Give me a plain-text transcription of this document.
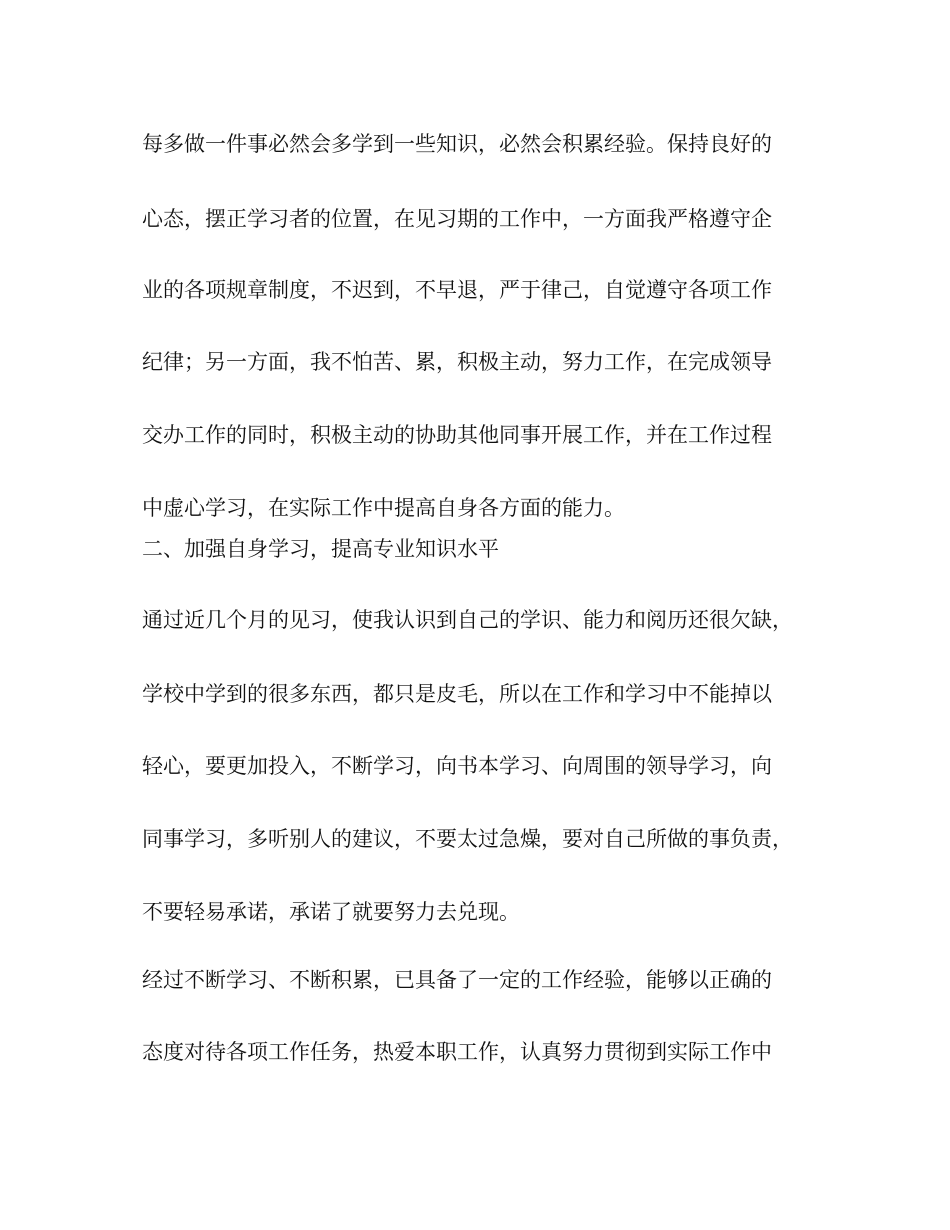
每多做一件事必然会多学到一些知识，必然会积累经验。保持良好的
心态，摆正学习者的位置，在见习期的工作中，一方面我严格遵守企
业的各项规章制度，不迟到，不早退，严于律己，自觉遵守各项工作
纪律；另一方面，我不怕苦、累，积极主动，努力工作，在完成领导
交办工作的同时，积极主动的协助其他同事开展工作，并在工作过程
中虚心学习，在实际工作中提高自身各方面的能力。
二、加强自身学习，提高专业知识水平
通过近几个月的见习，使我认识到自己的学识、能力和阅历还很欠缺，
学校中学到的很多东西，都只是皮毛，所以在工作和学习中不能掉以
轻心，要更加投入，不断学习，向书本学习、向周围的领导学习，向
同事学习，多听别人的建议，不要太过急燥，要对自己所做的事负责，
不要轻易承诺，承诺了就要努力去兑现。
经过不断学习、不断积累，已具备了一定的工作经验，能够以正确的
态度对待各项工作任务，热爱本职工作，认真努力贯彻到实际工作中
